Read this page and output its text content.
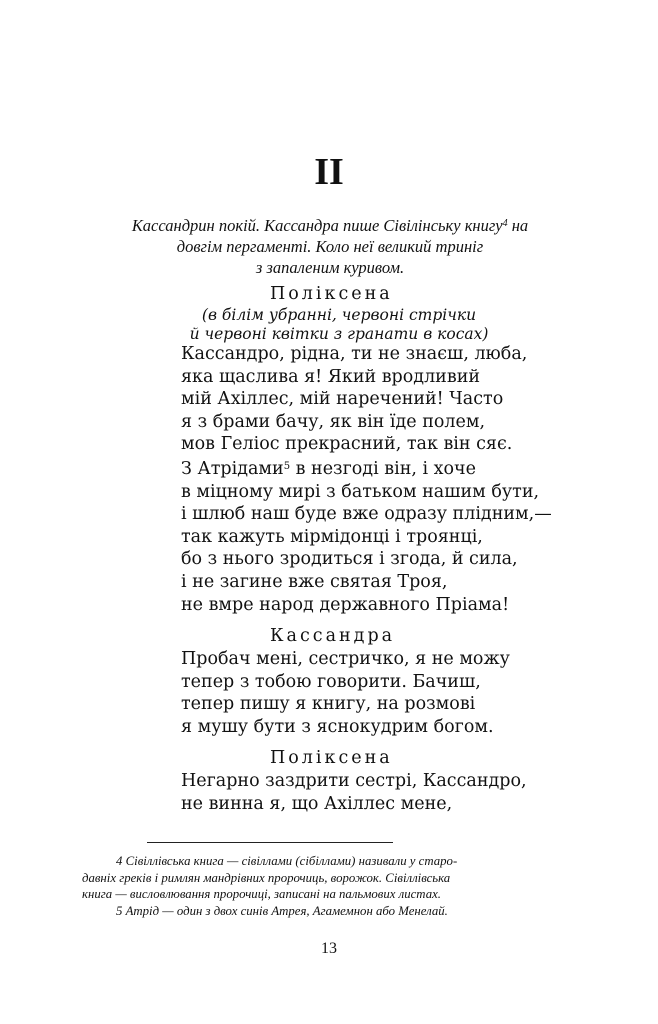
II
Кассандрин покій. Кассандра пише Сівілінську книгу$^4$ на
довгім пергаменті. Коло неї великий триніг
з запаленим куривом.
Поліксена
(в білім убранні, червоні стрічки
й червоні квітки з гранати в косах)
Кассандро, рідна, ти не знаєш, люба,
яка щаслива я! Який вродливий
мій Ахіллес, мій наречений! Часто
я з брами бачу, як він їде полем,
мов Геліос прекрасний, так він сяє.
З Атрідами$^5$ в незгоді він, і хоче
в міцному мирі з батьком нашим бути,
і шлюб наш буде вже одразу плідним,—
так кажуть мірмідонці і троянці,
бо з нього зродиться і згода, й сила,
і не загине вже святая Троя,
не вмре народ державного Пріама!
Кассандра
Пробач мені, сестричко, я не можу
тепер з тобою говорити. Бачиш,
тепер пишу я книгу, на розмові
я мушу бути з яснокудрим богом.
Поліксена
Негарно заздрити сестрі, Кассандро,
не винна я, що Ахіллес мене,
4 Сівіллівська книга — сівіллами (сібіллами) називали у старо-
давніх греків і римлян мандрівних пророчиць, ворожок. Сівіллівська
книга — висловлювання пророчиці, записані на пальмових листах.
5 Атрід — один з двох синів Атрея, Агамемнон або Менелай.
13
